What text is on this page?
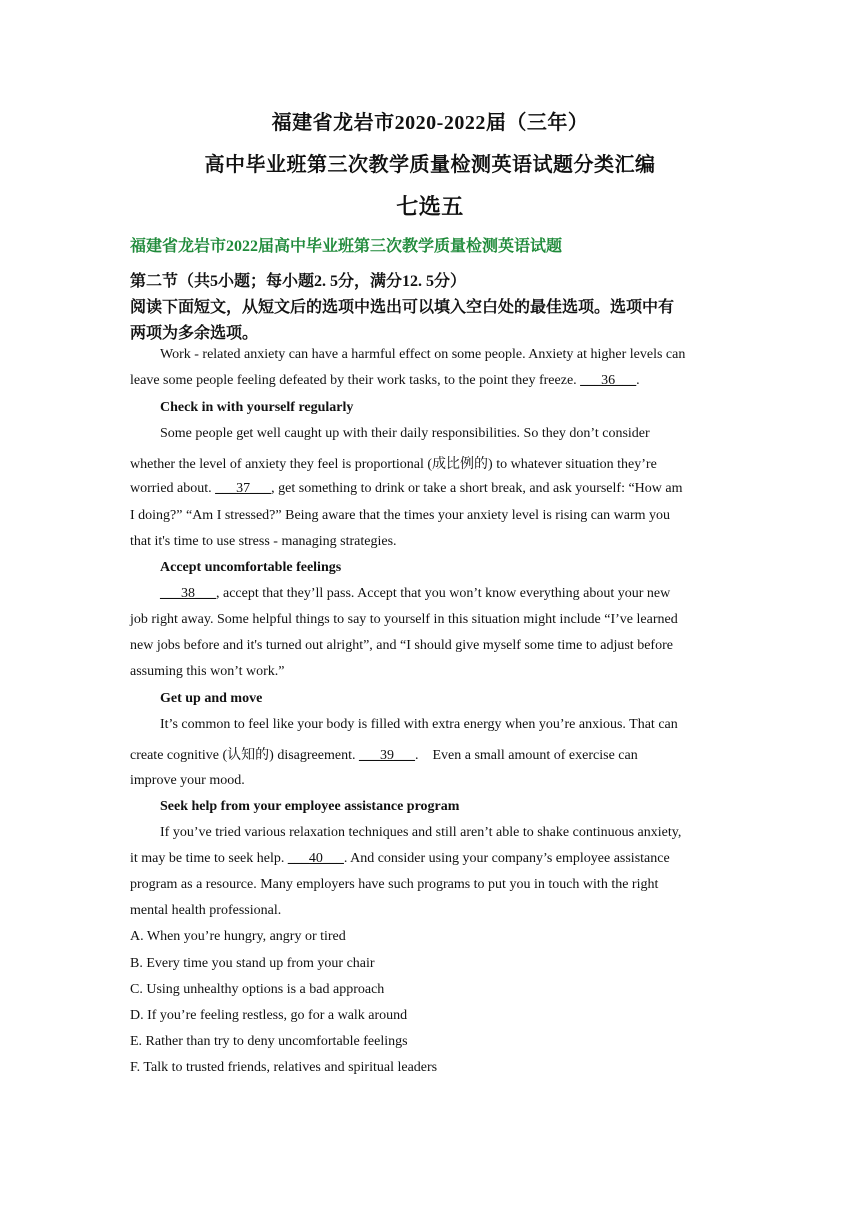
福建省龙岩市2020-2022届（三年）
高中毕业班第三次教学质量检测英语试题分类汇编
七选五
福建省龙岩市2022届高中毕业班第三次教学质量检测英语试题
第二节（共5小题；每小题2. 5分，满分12. 5分）
阅读下面短文，从短文后的选项中选出可以填入空白处的最佳选项。选项中有
两项为多余选项。
Work - related anxiety can have a harmful effect on some people. Anxiety at higher levels can
leave some people feeling defeated by their work tasks, to the point they freeze. ___36___.
Check in with yourself regularly
Some people get well caught up with their daily responsibilities. So they don’t consider
whether the level of anxiety they feel is proportional (成比例的) to whatever situation they’re
worried about. ___37___, get something to drink or take a short break, and ask yourself: “How am
I doing?” “Am I stressed?” Being aware that the times your anxiety level is rising can warm you
that it's time to use stress - managing strategies.
Accept uncomfortable feelings
___38___, accept that they’ll pass. Accept that you won’t know everything about your new
job right away. Some helpful things to say to yourself in this situation might include “I’ve learned
new jobs before and it's turned out alright”, and “I should give myself some time to adjust before
assuming this won’t work.”
Get up and move
It’s common to feel like your body is filled with extra energy when you’re anxious. That can
create cognitive (认知的) disagreement. ___39___.    Even a small amount of exercise can
improve your mood.
Seek help from your employee assistance program
If you’ve tried various relaxation techniques and still aren’t able to shake continuous anxiety,
it may be time to seek help. ___40___. And consider using your company’s employee assistance
program as a resource. Many employers have such programs to put you in touch with the right
mental health professional.
A. When you’re hungry, angry or tired
B. Every time you stand up from your chair
C. Using unhealthy options is a bad approach
D. If you’re feeling restless, go for a walk around
E. Rather than try to deny uncomfortable feelings
F. Talk to trusted friends, relatives and spiritual leaders
